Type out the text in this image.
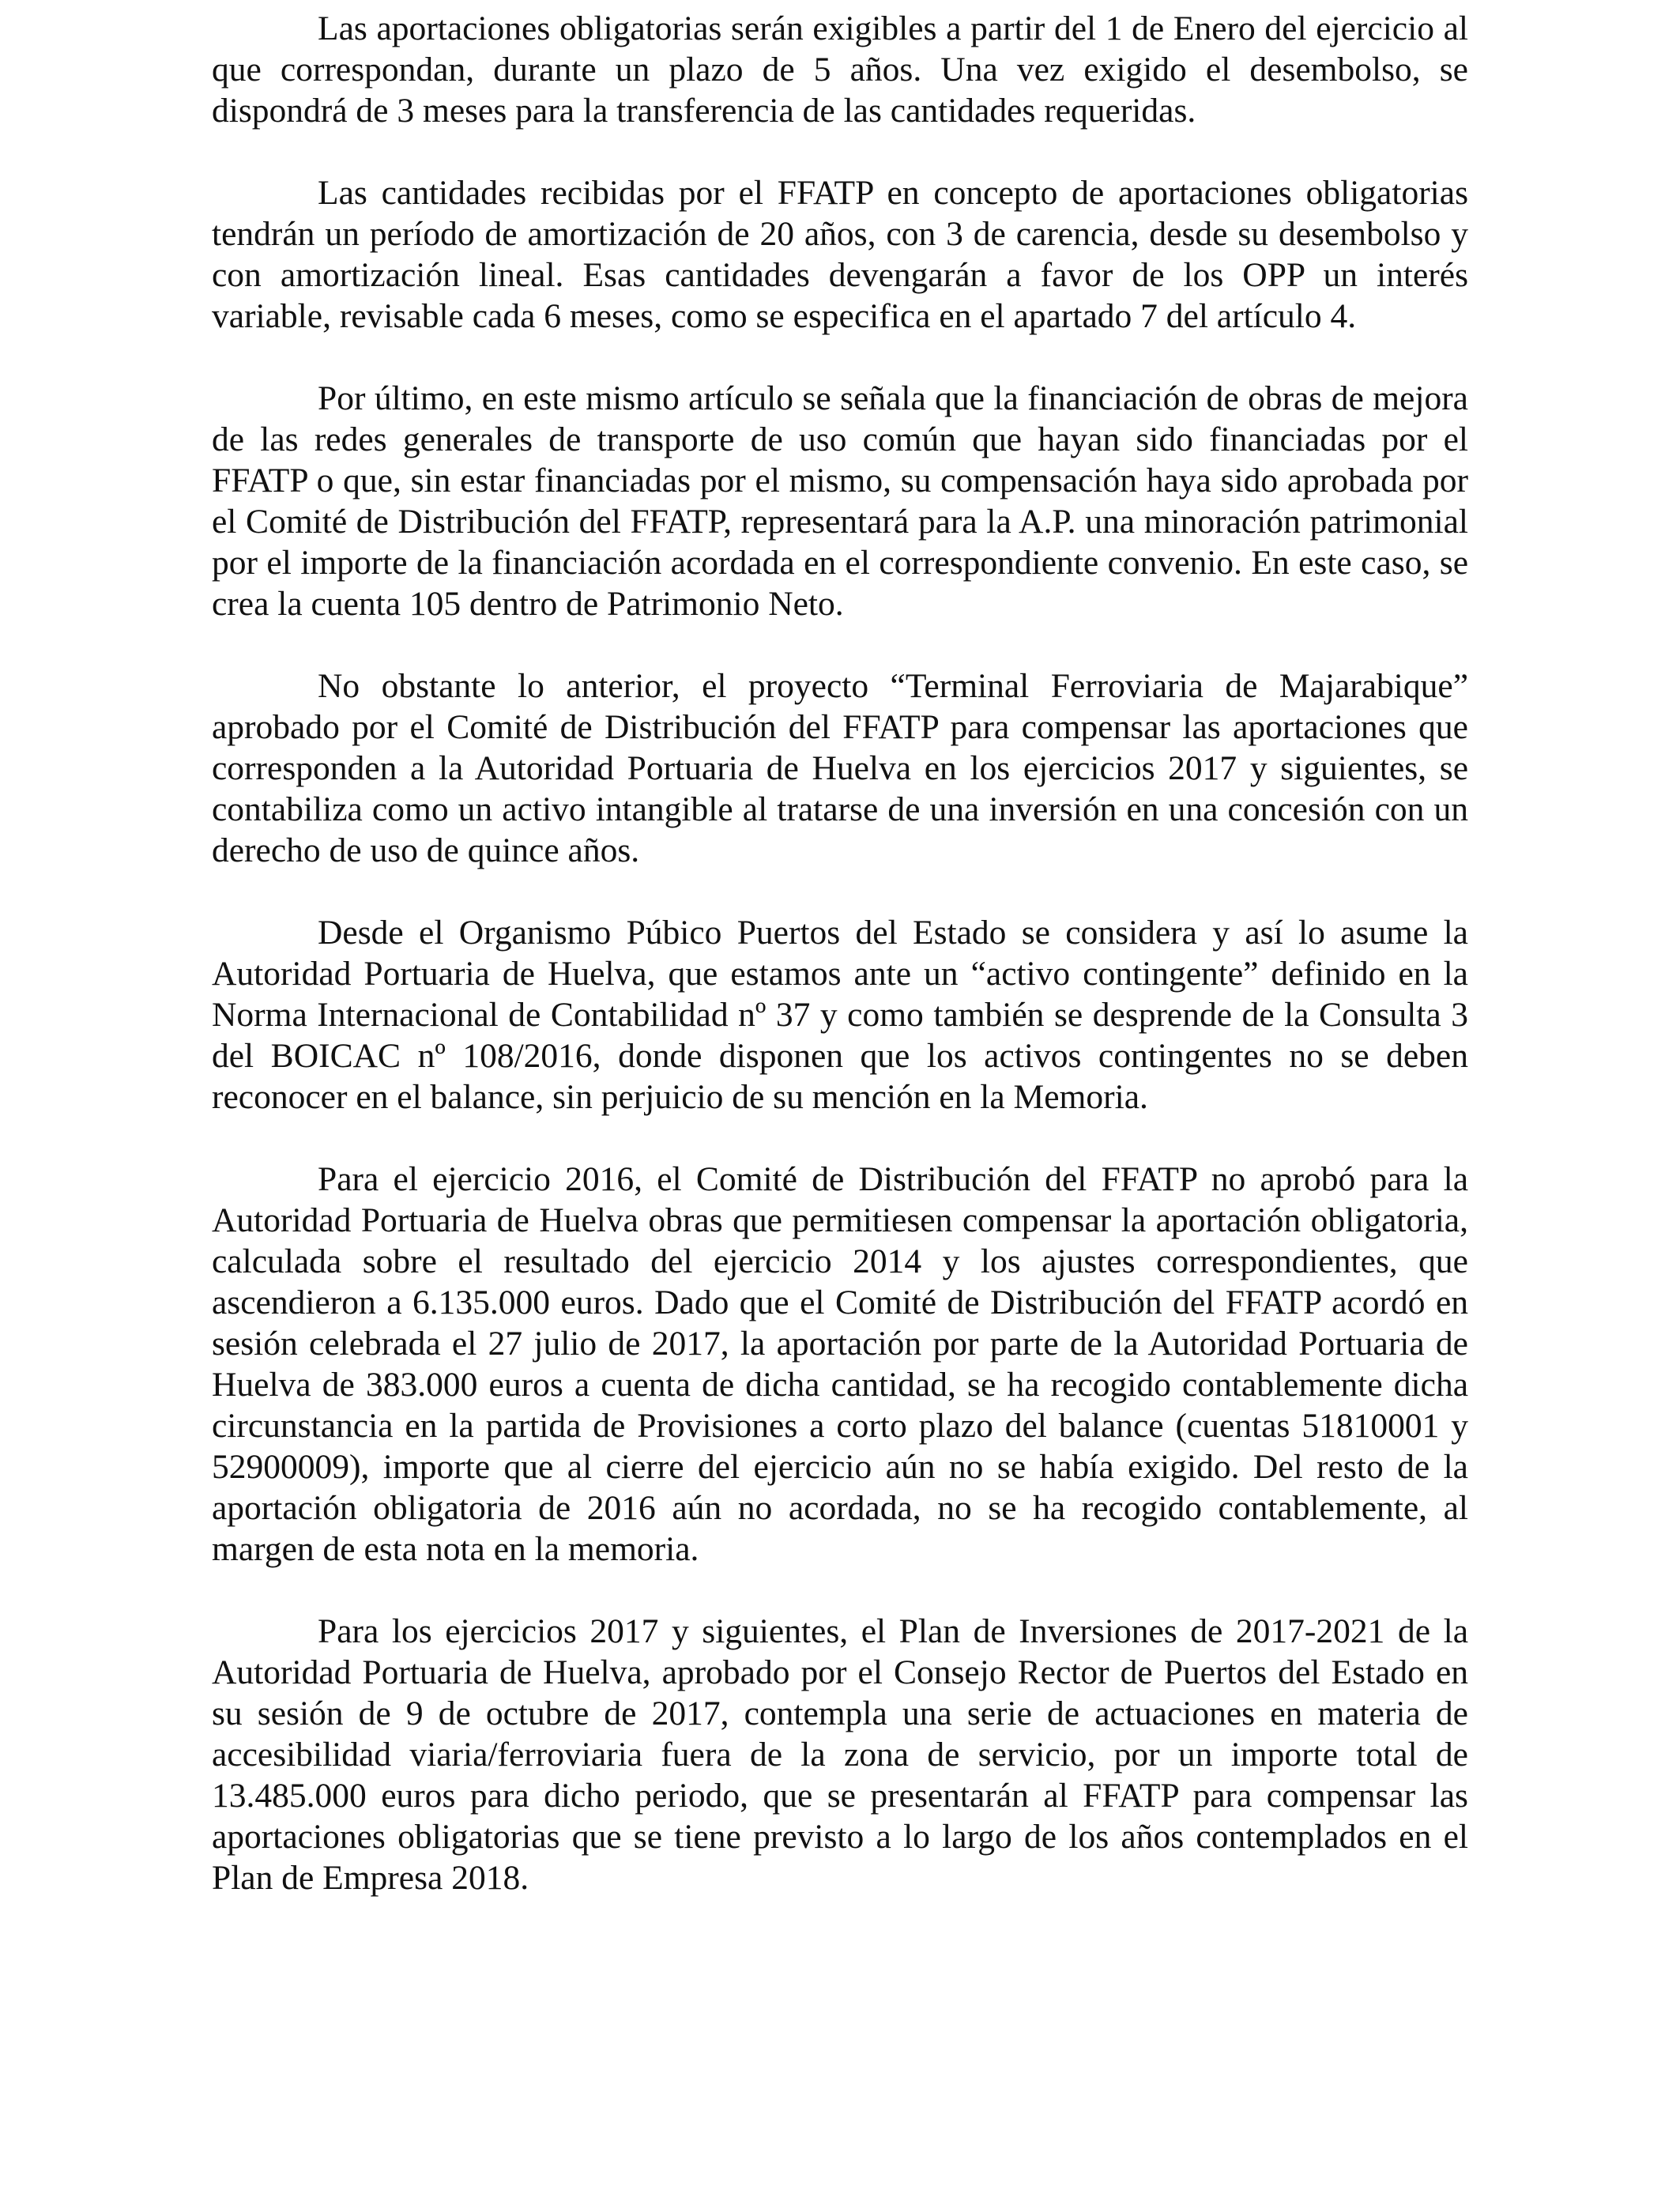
Las aportaciones obligatorias serán exigibles a partir del 1 de Enero del ejercicio al que correspondan, durante un plazo de 5 años. Una vez exigido el desembolso, se dispondrá de 3 meses para la transferencia de las cantidades requeridas.

Las cantidades recibidas por el FFATP en concepto de aportaciones obligatorias tendrán un período de amortización de 20 años, con 3 de carencia, desde su desembolso y con amortización lineal. Esas cantidades devengarán a favor de los OPP un interés variable, revisable cada 6 meses, como se especifica en el apartado 7 del artículo 4.

Por último, en este mismo artículo se señala que la financiación de obras de mejora de las redes generales de transporte de uso común que hayan sido financiadas por el FFATP o que, sin estar financiadas por el mismo, su compensación haya sido aprobada por el Comité de Distribución del FFATP, representará para la A.P. una minoración patrimonial por el importe de la financiación acordada en el correspondiente convenio. En este caso, se crea la cuenta 105 dentro de Patrimonio Neto.

No obstante lo anterior, el proyecto “Terminal Ferroviaria de Majarabique” aprobado por el Comité de Distribución del FFATP para compensar las aportaciones que corresponden a la Autoridad Portuaria de Huelva en los ejercicios 2017 y siguientes, se contabiliza como un activo intangible al tratarse de una inversión en una concesión con un derecho de uso de quince años.

Desde el Organismo Púbico Puertos del Estado se considera y así lo asume la Autoridad Portuaria de Huelva, que estamos ante un “activo contingente” definido en la Norma Internacional de Contabilidad nº 37 y como también se desprende de la Consulta 3 del BOICAC nº 108/2016, donde disponen que los activos contingentes no se deben reconocer en el balance, sin perjuicio de su mención en la Memoria.

Para el ejercicio 2016, el Comité de Distribución del FFATP no aprobó para la Autoridad Portuaria de Huelva obras que permitiesen compensar la aportación obligatoria, calculada sobre el resultado del ejercicio 2014 y los ajustes correspondientes, que ascendieron a 6.135.000 euros. Dado que el Comité de Distribución del FFATP acordó en sesión celebrada el 27 julio de 2017, la aportación por parte de la Autoridad Portuaria de Huelva de 383.000 euros a cuenta de dicha cantidad, se ha recogido contablemente dicha circunstancia en la partida de Provisiones a corto plazo del balance (cuentas 51810001 y 52900009), importe que al cierre del ejercicio aún no se había exigido. Del resto de la aportación obligatoria de 2016 aún no acordada, no se ha recogido contablemente, al margen de esta nota en la memoria.

Para los ejercicios 2017 y siguientes, el Plan de Inversiones de 2017-2021 de la Autoridad Portuaria de Huelva, aprobado por el Consejo Rector de Puertos del Estado en su sesión de 9 de octubre de 2017, contempla una serie de actuaciones en materia de accesibilidad viaria/ferroviaria fuera de la zona de servicio, por un importe total de 13.485.000 euros para dicho periodo, que se presentarán al FFATP para compensar las aportaciones obligatorias que se tiene previsto a lo largo de los años contemplados en el Plan de Empresa 2018.
